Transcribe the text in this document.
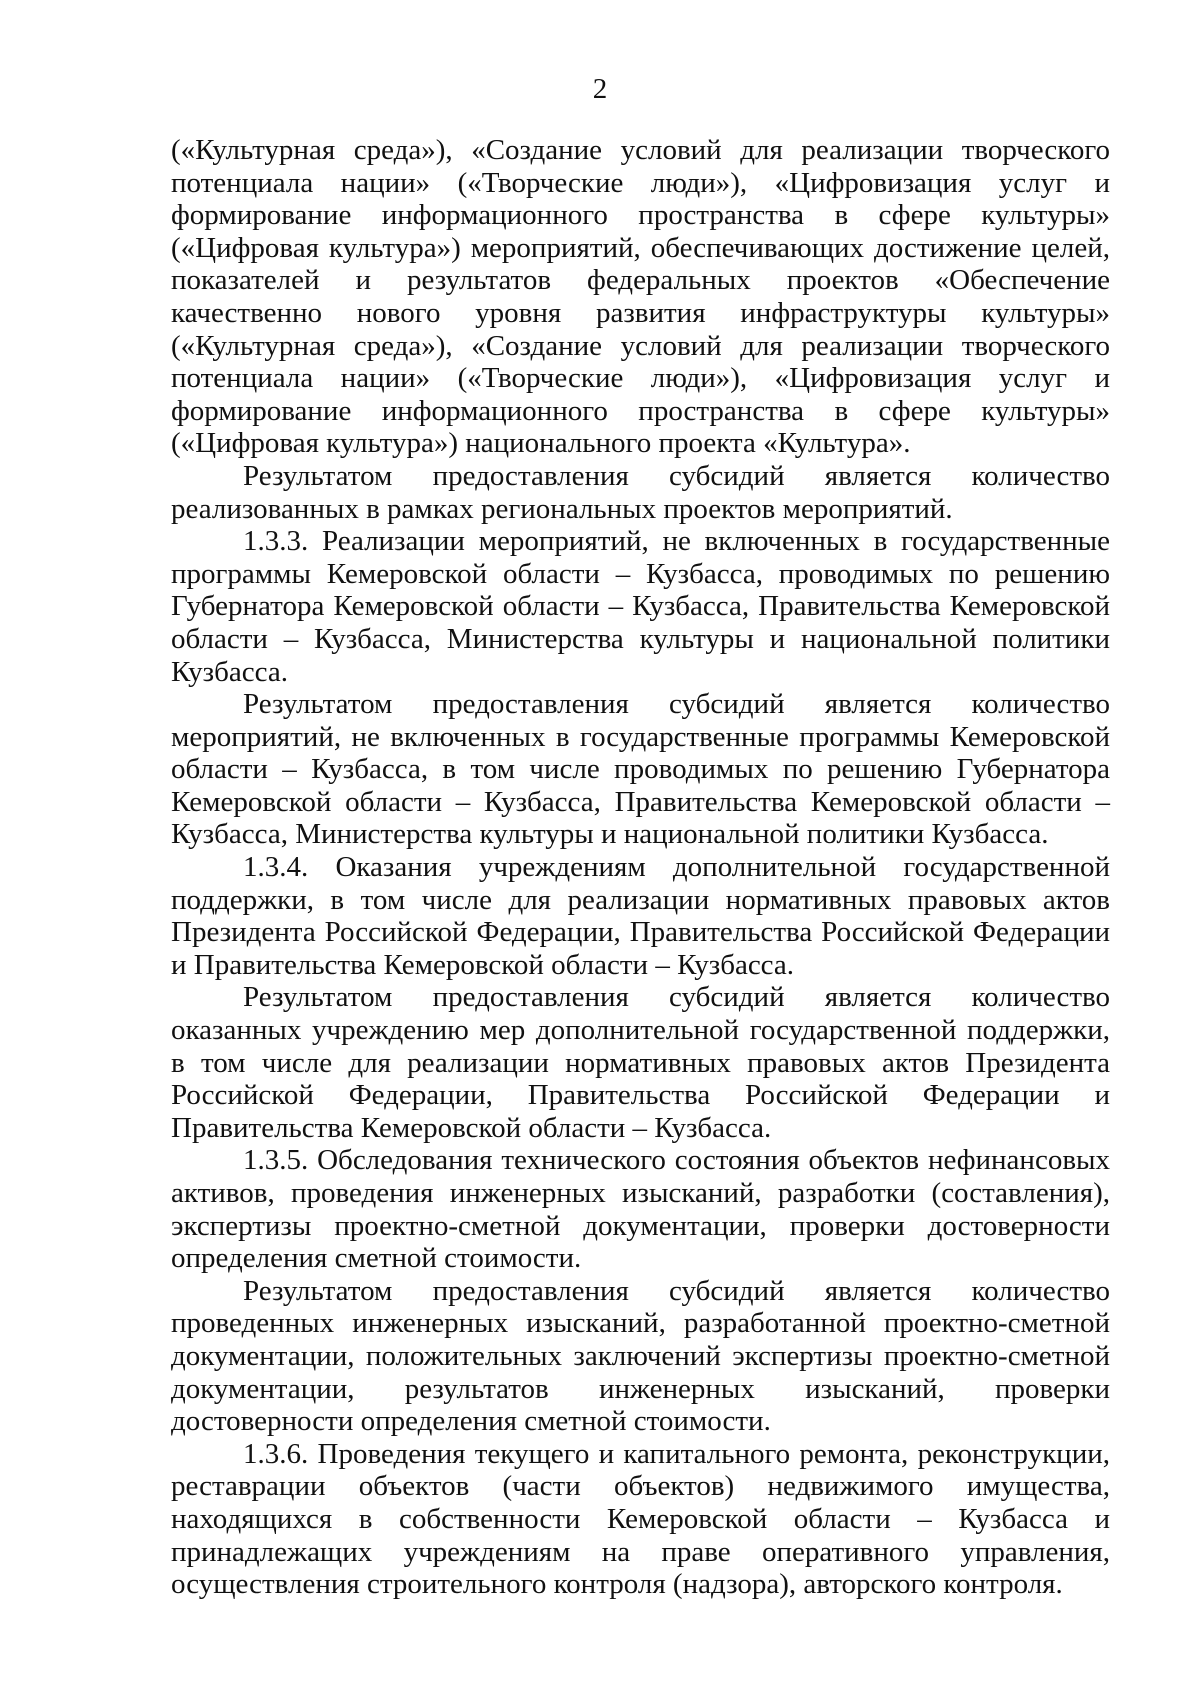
2

(«Культурная среда»), «Создание условий для реализации творческого потенциала нации» («Творческие люди»), «Цифровизация услуг и формирование информационного пространства в сфере культуры» («Цифровая культура») мероприятий, обеспечивающих достижение целей, показателей и результатов федеральных проектов «Обеспечение качественно нового уровня развития инфраструктуры культуры» («Культурная среда»), «Создание условий для реализации творческого потенциала нации» («Творческие люди»), «Цифровизация услуг и формирование информационного пространства в сфере культуры» («Цифровая культура») национального проекта «Культура».

Результатом предоставления субсидий является количество реализованных в рамках региональных проектов мероприятий.

1.3.3. Реализации мероприятий, не включенных в государственные программы Кемеровской области – Кузбасса, проводимых по решению Губернатора Кемеровской области – Кузбасса, Правительства Кемеровской области – Кузбасса, Министерства культуры и национальной политики Кузбасса.

Результатом предоставления субсидий является количество мероприятий, не включенных в государственные программы Кемеровской области – Кузбасса, в том числе проводимых по решению Губернатора Кемеровской области – Кузбасса, Правительства Кемеровской области – Кузбасса, Министерства культуры и национальной политики Кузбасса.

1.3.4. Оказания учреждениям дополнительной государственной поддержки, в том числе для реализации нормативных правовых актов Президента Российской Федерации, Правительства Российской Федерации и Правительства Кемеровской области – Кузбасса.

Результатом предоставления субсидий является количество оказанных учреждению мер дополнительной государственной поддержки, в том числе для реализации нормативных правовых актов Президента Российской Федерации, Правительства Российской Федерации и Правительства Кемеровской области – Кузбасса.

1.3.5. Обследования технического состояния объектов нефинансовых активов, проведения инженерных изысканий, разработки (составления), экспертизы проектно-сметной документации, проверки достоверности определения сметной стоимости.

Результатом предоставления субсидий является количество проведенных инженерных изысканий, разработанной проектно-сметной документации, положительных заключений экспертизы проектно-сметной документации, результатов инженерных изысканий, проверки достоверности определения сметной стоимости.

1.3.6. Проведения текущего и капитального ремонта, реконструкции, реставрации объектов (части объектов) недвижимого имущества, находящихся в собственности Кемеровской области – Кузбасса и принадлежащих учреждениям на праве оперативного управления, осуществления строительного контроля (надзора), авторского контроля.
